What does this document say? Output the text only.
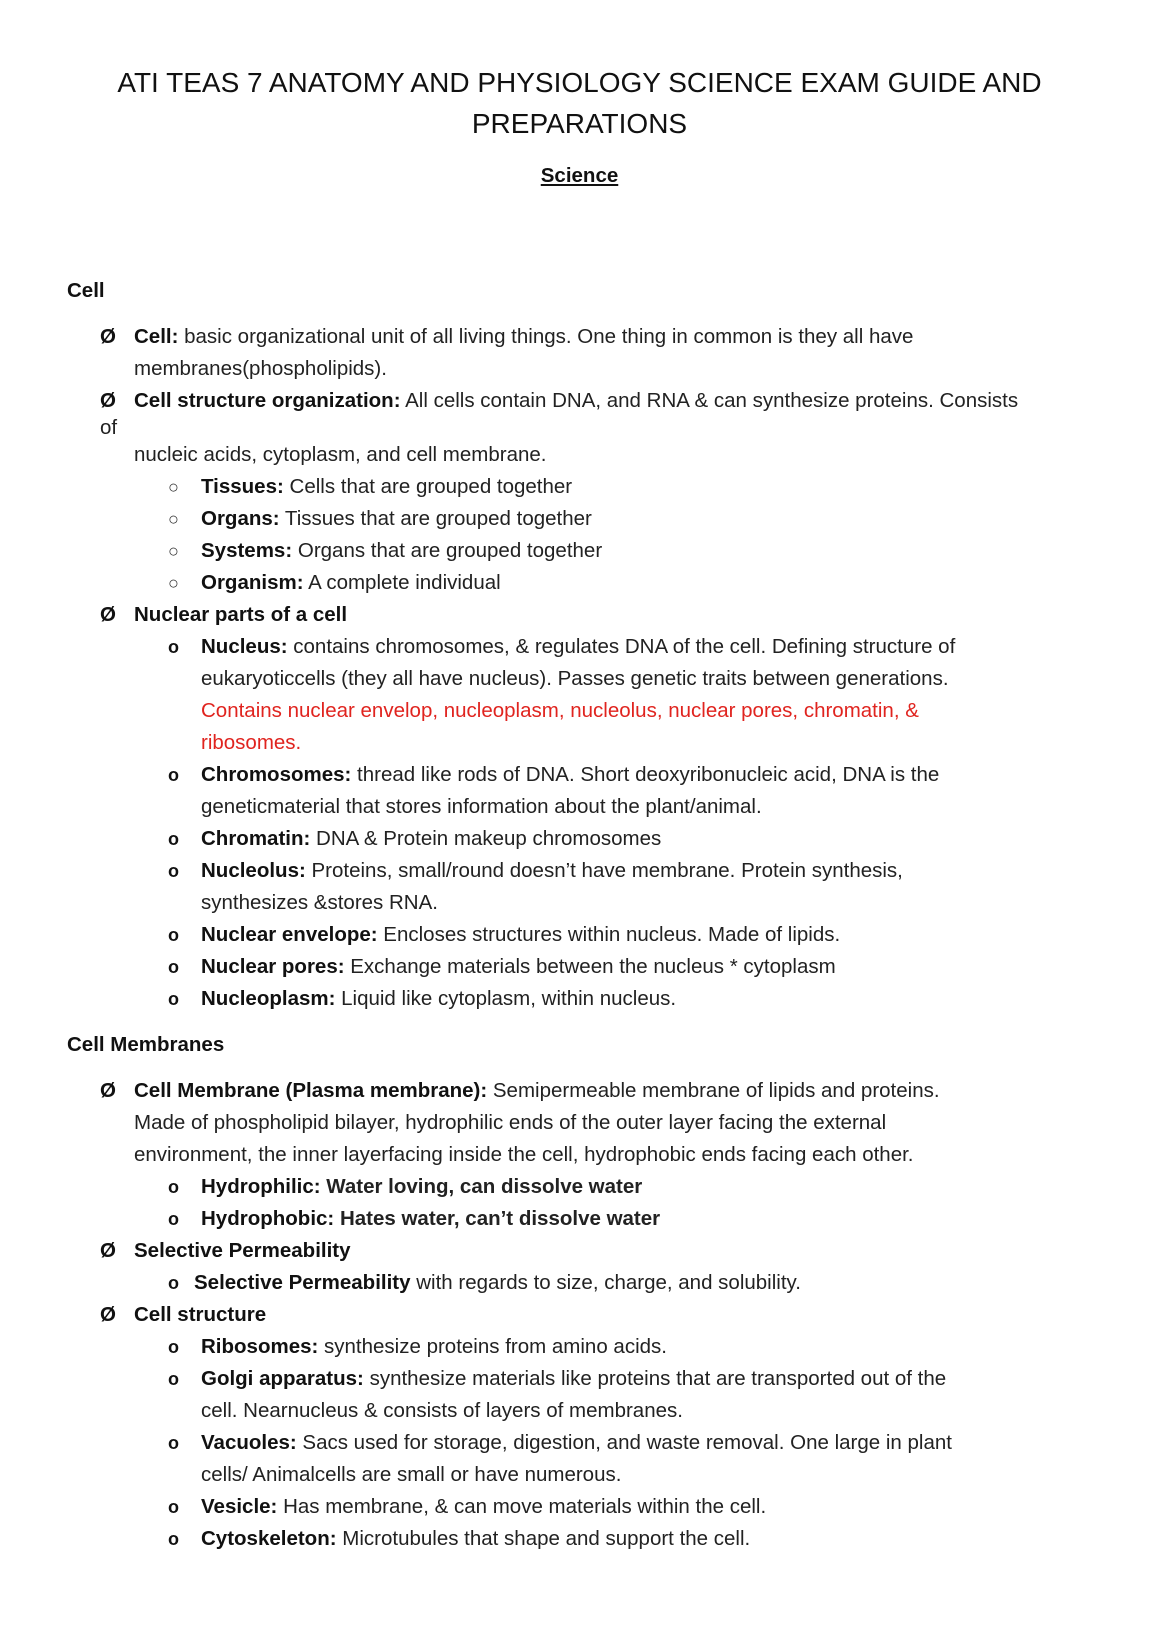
ATI TEAS 7 ANATOMY AND PHYSIOLOGY SCIENCE EXAM GUIDE AND
PREPARATIONS
Science
Cell
Ø Cell: basic organizational unit of all living things. One thing in common is they all have
membranes(phospholipids).
Ø Cell structure organization: All cells contain DNA, and RNA & can synthesize proteins. Consists
of
nucleic acids, cytoplasm, and cell membrane.
○ Tissues: Cells that are grouped together
○ Organs: Tissues that are grouped together
○ Systems: Organs that are grouped together
○ Organism: A complete individual
Ø Nuclear parts of a cell
o Nucleus: contains chromosomes, & regulates DNA of the cell. Defining structure of
eukaryoticcells (they all have nucleus). Passes genetic traits between generations.
Contains nuclear envelop, nucleoplasm, nucleolus, nuclear pores, chromatin, &
ribosomes.
o Chromosomes: thread like rods of DNA. Short deoxyribonucleic acid, DNA is the
geneticmaterial that stores information about the plant/animal.
o Chromatin: DNA & Protein makeup chromosomes
o Nucleolus: Proteins, small/round doesn’t have membrane. Protein synthesis,
synthesizes &stores RNA.
o Nuclear envelope: Encloses structures within nucleus. Made of lipids.
o Nuclear pores: Exchange materials between the nucleus * cytoplasm
o Nucleoplasm: Liquid like cytoplasm, within nucleus.
Cell Membranes
Ø Cell Membrane (Plasma membrane): Semipermeable membrane of lipids and proteins.
Made of phospholipid bilayer, hydrophilic ends of the outer layer facing the external
environment, the inner layerfacing inside the cell, hydrophobic ends facing each other.
o Hydrophilic: Water loving, can dissolve water
o Hydrophobic: Hates water, can’t dissolve water
Ø Selective Permeability
o Selective Permeability with regards to size, charge, and solubility.
Ø Cell structure
o Ribosomes: synthesize proteins from amino acids.
o Golgi apparatus: synthesize materials like proteins that are transported out of the
cell. Nearnucleus & consists of layers of membranes.
o Vacuoles: Sacs used for storage, digestion, and waste removal. One large in plant
cells/ Animalcells are small or have numerous.
o Vesicle: Has membrane, & can move materials within the cell.
o Cytoskeleton: Microtubules that shape and support the cell.
